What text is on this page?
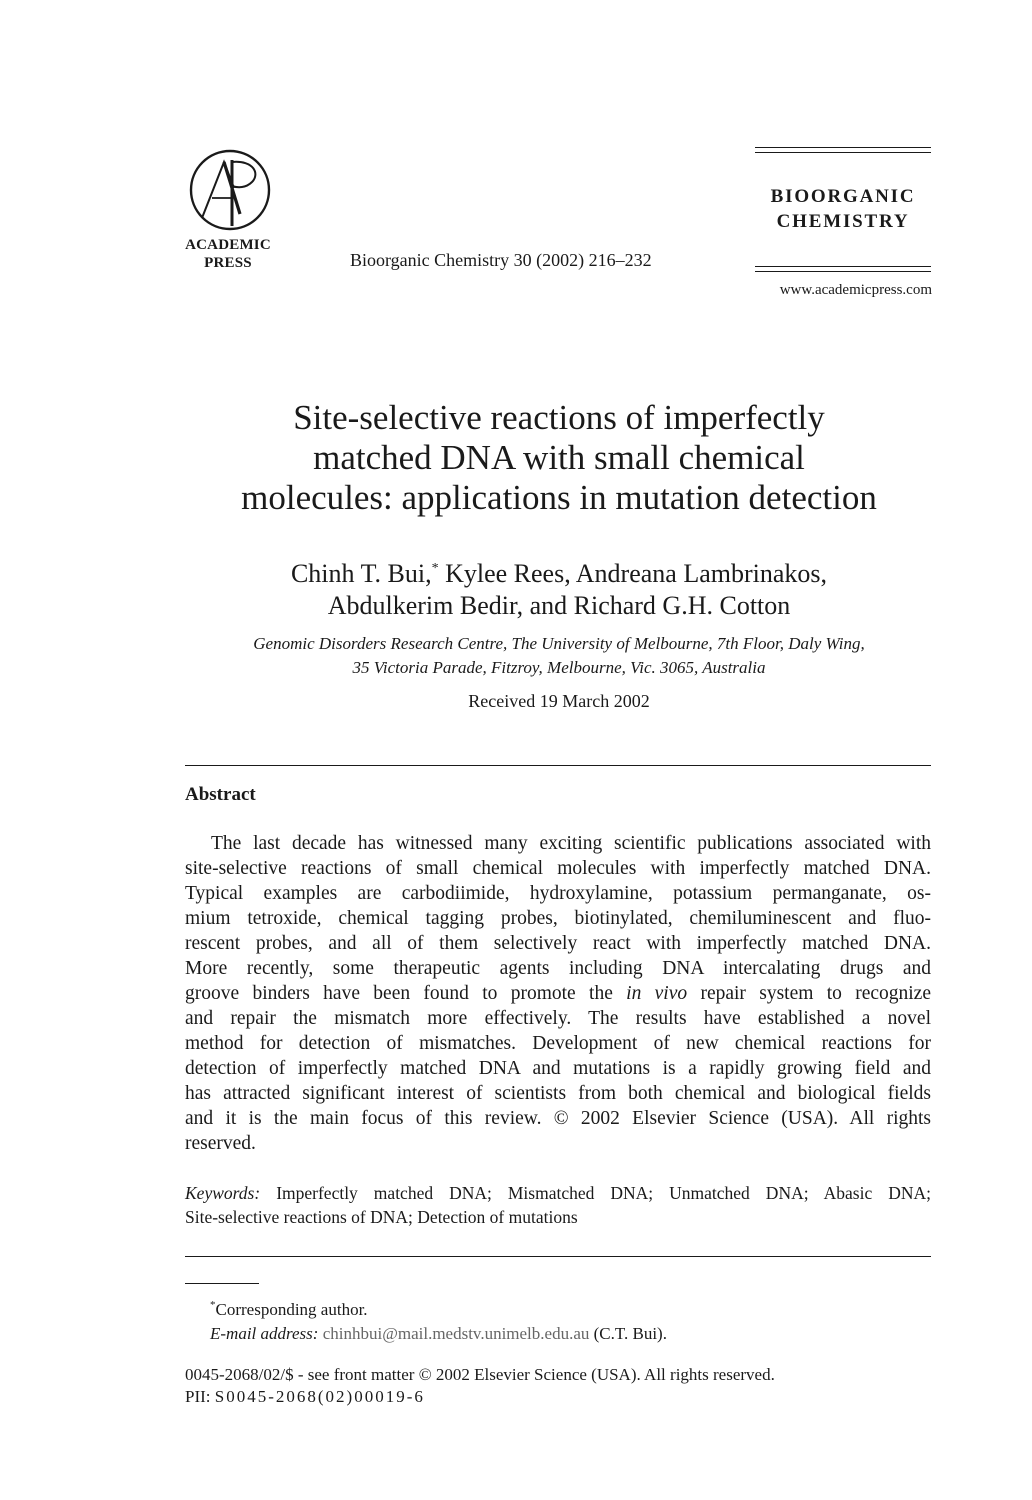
ACADEMIC
PRESS	Bioorganic Chemistry 30 (2002) 216–232
BIOORGANIC
CHEMISTRY
www.academicpress.com
Site-selective reactions of imperfectly
matched DNA with small chemical
molecules: applications in mutation detection
Chinh T. Bui,* Kylee Rees, Andreana Lambrinakos,
Abdulkerim Bedir, and Richard G.H. Cotton
Genomic Disorders Research Centre, The University of Melbourne, 7th Floor, Daly Wing,
35 Victoria Parade, Fitzroy, Melbourne, Vic. 3065, Australia
Received 19 March 2002
Abstract
The last decade has witnessed many exciting scientific publications associated with
site-selective reactions of small chemical molecules with imperfectly matched DNA.
Typical examples are carbodiimide, hydroxylamine, potassium permanganate, os-
mium tetroxide, chemical tagging probes, biotinylated, chemiluminescent and fluo-
rescent probes, and all of them selectively react with imperfectly matched DNA.
More recently, some therapeutic agents including DNA intercalating drugs and
groove binders have been found to promote the in vivo repair system to recognize
and repair the mismatch more effectively. The results have established a novel
method for detection of mismatches. Development of new chemical reactions for
detection of imperfectly matched DNA and mutations is a rapidly growing field and
has attracted significant interest of scientists from both chemical and biological fields
and it is the main focus of this review. © 2002 Elsevier Science (USA). All rights
reserved.
Keywords: Imperfectly matched DNA; Mismatched DNA; Unmatched DNA; Abasic DNA;
Site-selective reactions of DNA; Detection of mutations
*Corresponding author.
E-mail address: chinhbui@mail.medstv.unimelb.edu.au (C.T. Bui).
0045-2068/02/$ - see front matter © 2002 Elsevier Science (USA). All rights reserved.
PII: S0045-2068(02)00019-6
